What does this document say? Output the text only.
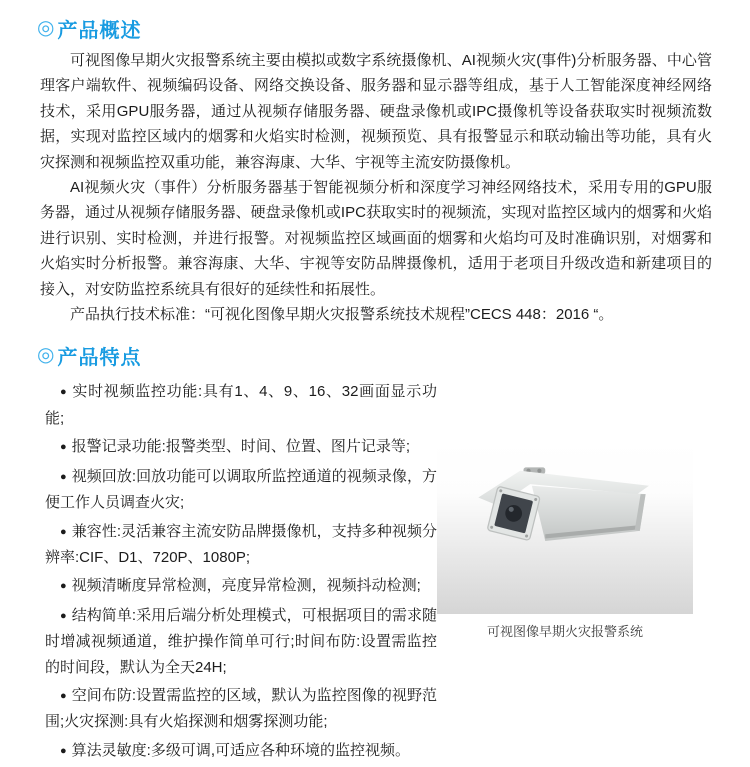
◎ 产品概述

可视图像早期火灾报警系统主要由模拟或数字系统摄像机、AI视频火灾(事件)分析服务器、中心管理客户端软件、视频编码设备、网络交换设备、服务器和显示器等组成，基于人工智能深度神经网络技术，采用GPU服务器，通过从视频存储服务器、硬盘录像机或IPC摄像机等设备获取实时视频流数据，实现对监控区域内的烟雾和火焰实时检测，视频预览、具有报警显示和联动输出等功能，具有火灾探测和视频监控双重功能，兼容海康、大华、宇视等主流安防摄像机。

AI视频火灾（事件）分析服务器基于智能视频分析和深度学习神经网络技术，采用专用的GPU服务器，通过从视频存储服务器、硬盘录像机或IPC获取实时的视频流，实现对监控区域内的烟雾和火焰进行识别、实时检测，并进行报警。对视频监控区域画面的烟雾和火焰均可及时准确识别，对烟雾和火焰实时分析报警。兼容海康、大华、宇视等安防品牌摄像机，适用于老项目升级改造和新建项目的接入，对安防监控系统具有很好的延续性和拓展性。

产品执行技术标准：“可视化图像早期火灾报警系统技术规程”CECS 448：2016 “。

◎ 产品特点
● 实时视频监控功能:具有1、4、9、16、32画面显示功能;
● 报警记录功能:报警类型、时间、位置、图片记录等;
● 视频回放:回放功能可以调取所监控通道的视频录像，方便工作人员调查火灾;
● 兼容性:灵活兼容主流安防品牌摄像机，支持多种视频分辨率:CIF、D1、720P、1080P;
● 视频清晰度异常检测，亮度异常检测，视频抖动检测;
● 结构简单:采用后端分析处理模式，可根据项目的需求随时增减视频通道，维护操作简单可行;时间布防:设置需监控的时间段，默认为全天24H;
● 空间布防:设置需监控的区域，默认为监控图像的视野范围;火灾探测:具有火焰探测和烟雾探测功能;
● 算法灵敏度:多级可调,可适应各种环境的监控视频。
可视图像早期火灾报警系统
